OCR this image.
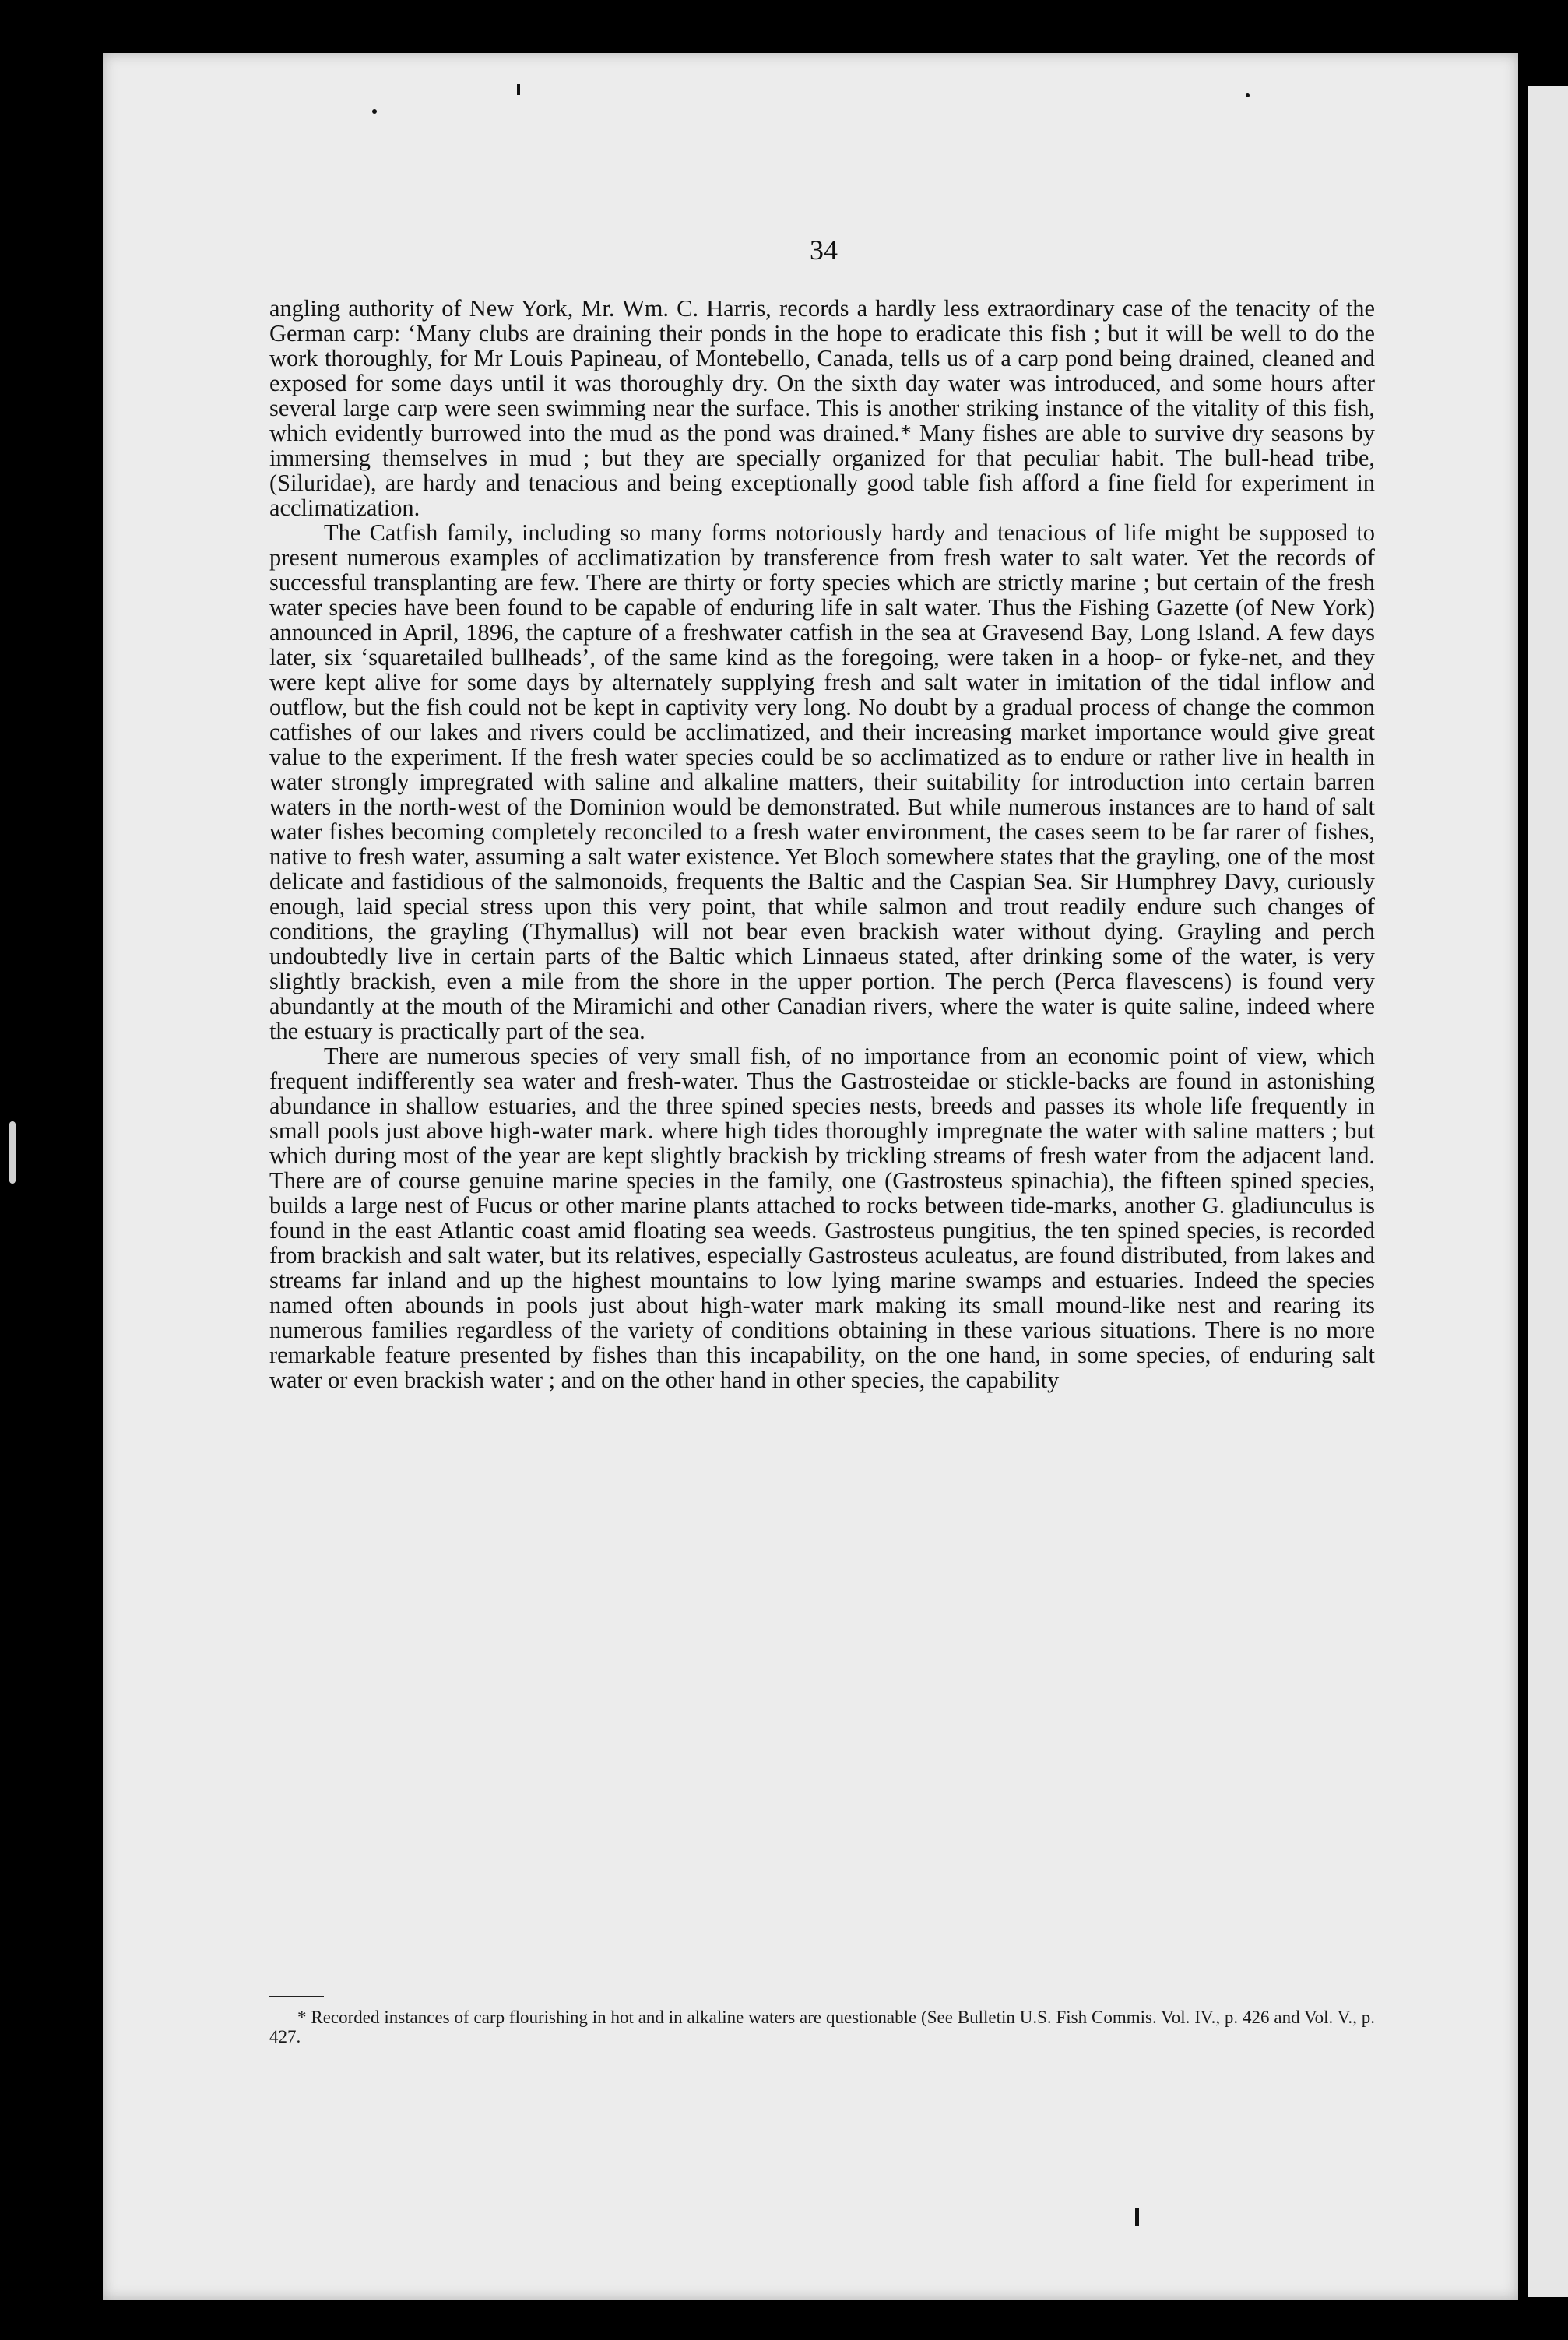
34

angling authority of New York, Mr. Wm. C. Harris, records a hardly less extraordinary case of the tenacity of the German carp: ‘Many clubs are draining their ponds in the hope to eradicate this fish ; but it will be well to do the work thoroughly, for Mr Louis Papineau, of Montebello, Canada, tells us of a carp pond being drained, cleaned and exposed for some days until it was thoroughly dry. On the sixth day water was introduced, and some hours after several large carp were seen swimming near the surface. This is another striking instance of the vitality of this fish, which evidently burrowed into the mud as the pond was drained.* Many fishes are able to survive dry seasons by immersing themselves in mud ; but they are specially organized for that peculiar habit. The bull-head tribe, (Siluridae), are hardy and tenacious and being exceptionally good table fish afford a fine field for experiment in acclimatization.

The Catfish family, including so many forms notoriously hardy and tenacious of life might be supposed to present numerous examples of acclimatization by transference from fresh water to salt water. Yet the records of successful transplanting are few. There are thirty or forty species which are strictly marine ; but certain of the fresh water species have been found to be capable of enduring life in salt water. Thus the Fishing Gazette (of New York) announced in April, 1896, the capture of a freshwater catfish in the sea at Gravesend Bay, Long Island. A few days later, six ‘squaretailed bullheads’, of the same kind as the foregoing, were taken in a hoop- or fyke-net, and they were kept alive for some days by alternately supplying fresh and salt water in imitation of the tidal inflow and outflow, but the fish could not be kept in captivity very long. No doubt by a gradual process of change the common catfishes of our lakes and rivers could be acclimatized, and their increasing market importance would give great value to the experiment. If the fresh water species could be so acclimatized as to endure or rather live in health in water strongly impregrated with saline and alkaline matters, their suitability for introduction into certain barren waters in the north-west of the Dominion would be demonstrated. But while numerous instances are to hand of salt water fishes becoming completely reconciled to a fresh water environment, the cases seem to be far rarer of fishes, native to fresh water, assuming a salt water existence. Yet Bloch somewhere states that the grayling, one of the most delicate and fastidious of the salmonoids, frequents the Baltic and the Caspian Sea. Sir Humphrey Davy, curiously enough, laid special stress upon this very point, that while salmon and trout readily endure such changes of conditions, the grayling (Thymallus) will not bear even brackish water without dying. Grayling and perch undoubtedly live in certain parts of the Baltic which Linnaeus stated, after drinking some of the water, is very slightly brackish, even a mile from the shore in the upper portion. The perch (Perca flavescens) is found very abundantly at the mouth of the Miramichi and other Canadian rivers, where the water is quite saline, indeed where the estuary is practically part of the sea.

There are numerous species of very small fish, of no importance from an economic point of view, which frequent indifferently sea water and fresh-water. Thus the Gastrosteidae or stickle-backs are found in astonishing abundance in shallow estuaries, and the three spined species nests, breeds and passes its whole life frequently in small pools just above high-water mark. where high tides thoroughly impregnate the water with saline matters ; but which during most of the year are kept slightly brackish by trickling streams of fresh water from the adjacent land. There are of course genuine marine species in the family, one (Gastrosteus spinachia), the fifteen spined species, builds a large nest of Fucus or other marine plants attached to rocks between tide-marks, another G. gladiunculus is found in the east Atlantic coast amid floating sea weeds. Gastrosteus pungitius, the ten spined species, is recorded from brackish and salt water, but its relatives, especially Gastrosteus aculeatus, are found distributed, from lakes and streams far inland and up the highest mountains to low lying marine swamps and estuaries. Indeed the species named often abounds in pools just about high-water mark making its small mound-like nest and rearing its numerous families regardless of the variety of conditions obtaining in these various situations. There is no more remarkable feature presented by fishes than this incapability, on the one hand, in some species, of enduring salt water or even brackish water ; and on the other hand in other species, the capability

* Recorded instances of carp flourishing in hot and in alkaline waters are questionable (See Bulletin U.S. Fish Commis. Vol. IV., p. 426 and Vol. V., p. 427.
